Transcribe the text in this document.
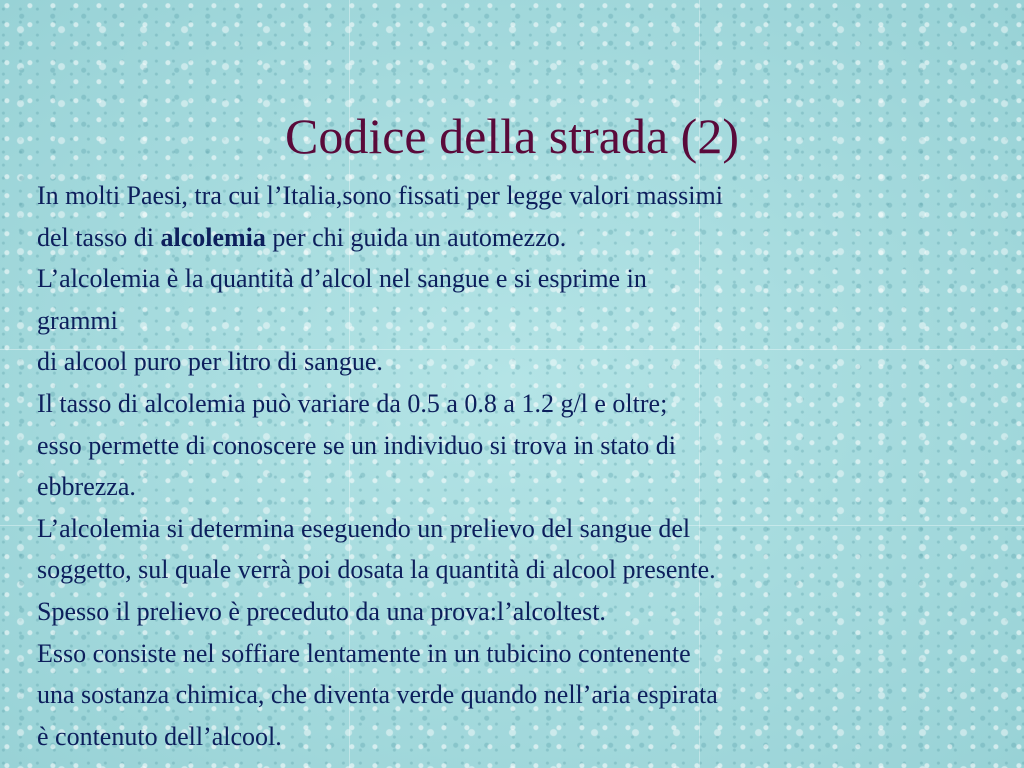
Codice della strada (2)
In molti Paesi, tra cui l’Italia,sono fissati per legge valori massimi
del tasso di alcolemia per chi guida un automezzo.
L’alcolemia è la quantità d’alcol nel sangue e si esprime in
grammi
di alcool puro per litro di sangue.
Il tasso di alcolemia può variare da 0.5 a 0.8 a 1.2 g/l e oltre;
esso permette di conoscere se un individuo si trova in stato di
ebbrezza.
L’alcolemia si determina eseguendo un prelievo del sangue del
soggetto, sul quale verrà poi dosata la quantità di alcool presente.
Spesso il prelievo è preceduto da una prova:l’alcoltest.
Esso consiste nel soffiare lentamente in un tubicino contenente
una sostanza chimica, che diventa verde quando nell’aria espirata
è contenuto dell’alcool.
